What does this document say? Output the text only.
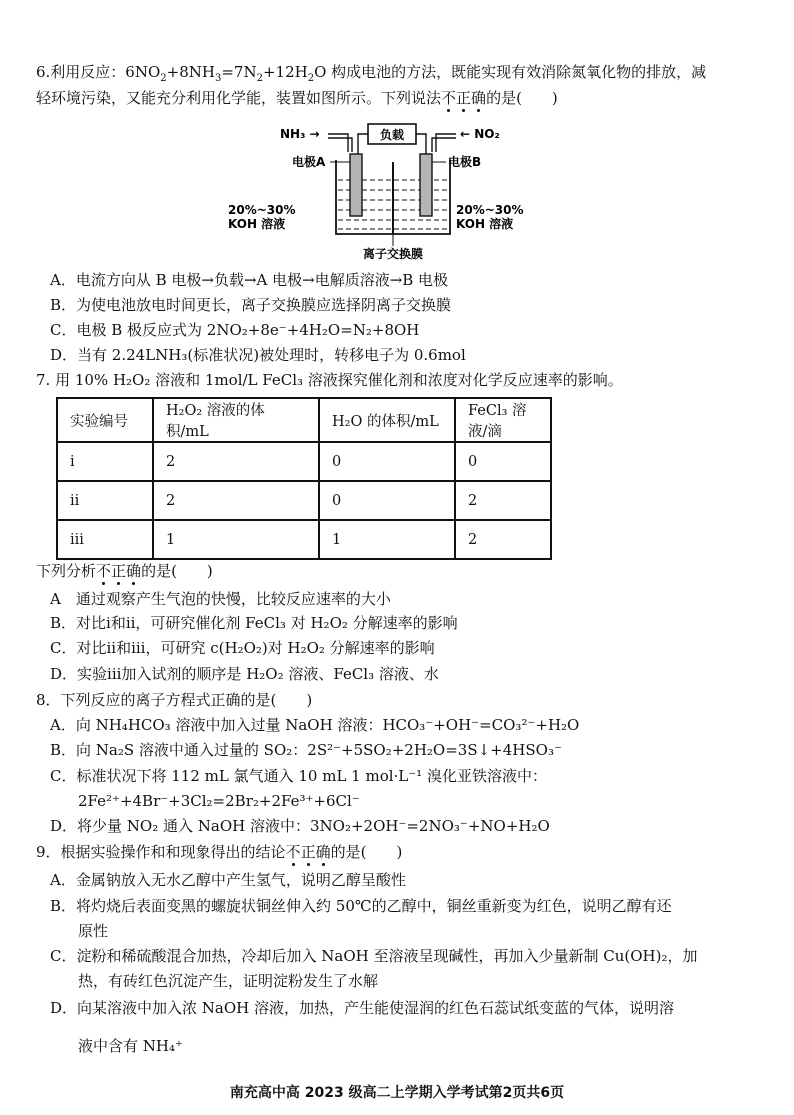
6.利用反应：$6NO_2+8NH_3=7N_2+12H_2O$ 构成电池的方法，既能实现有效消除氮氧化物的排放，减
轻环境污染，又能充分利用化学能，装置如图所示。下列说法不正确的是(　　)
负载
NH₃ →	← NO₂
电极A	电极B
20%~30%
KOH 溶液
20%~30%
KOH 溶液
离子交换膜
A．电流方向从 B 电极→负载→A 电极→电解质溶液→B 电极
B．为使电池放电时间更长，离子交换膜应选择阴离子交换膜
C．电极 B 极反应式为 2NO₂+8e⁻+4H₂O=N₂+8OH
D．当有 2.24LNH₃(标准状况)被处理时，转移电子为 0.6mol
7. 用 10% H₂O₂ 溶液和 1mol/L FeCl₃ 溶液探究催化剂和浓度对化学反应速率的影响。
实验编号	H₂O₂ 溶液的体积/mL	H₂O 的体积/mL	FeCl₃ 溶液/滴
i	2	0	0
ii	2	0	2
iii	1	1	2
下列分析不正确的是(　　)
A　通过观察产生气泡的快慢，比较反应速率的大小
B．对比i和ii，可研究催化剂 FeCl₃ 对 H₂O₂ 分解速率的影响
C．对比ii和iii，可研究 c(H₂O₂)对 H₂O₂ 分解速率的影响
D．实验iii加入试剂的顺序是 H₂O₂ 溶液、FeCl₃ 溶液、水
8．下列反应的离子方程式正确的是(　　)
A．向 NH₄HCO₃ 溶液中加入过量 NaOH 溶液：HCO₃⁻+OH⁻=CO₃²⁻+H₂O
B．向 Na₂S 溶液中通入过量的 SO₂：2S²⁻+5SO₂+2H₂O=3S↓+4HSO₃⁻
C．标准状况下将 112 mL 氯气通入 10 mL 1 mol·L⁻¹ 溴化亚铁溶液中：
2Fe²⁺+4Br⁻+3Cl₂=2Br₂+2Fe³⁺+6Cl⁻
D．将少量 NO₂ 通入 NaOH 溶液中：3NO₂+2OH⁻=2NO₃⁻+NO+H₂O
9．根据实验操作和和现象得出的结论不正确的是(　　)
A．金属钠放入无水乙醇中产生氢气，说明乙醇呈酸性
B．将灼烧后表面变黑的螺旋状铜丝伸入约 50℃的乙醇中，铜丝重新变为红色，说明乙醇有还
原性
C．淀粉和稀硫酸混合加热，冷却后加入 NaOH 至溶液呈现碱性，再加入少量新制 Cu(OH)₂，加
热，有砖红色沉淀产生，证明淀粉发生了水解
D．向某溶液中加入浓 NaOH 溶液，加热，产生能使湿润的红色石蕊试纸变蓝的气体，说明溶
液中含有 NH₄⁺
南充高中高 2023 级高二上学期入学考试第2页共6页
